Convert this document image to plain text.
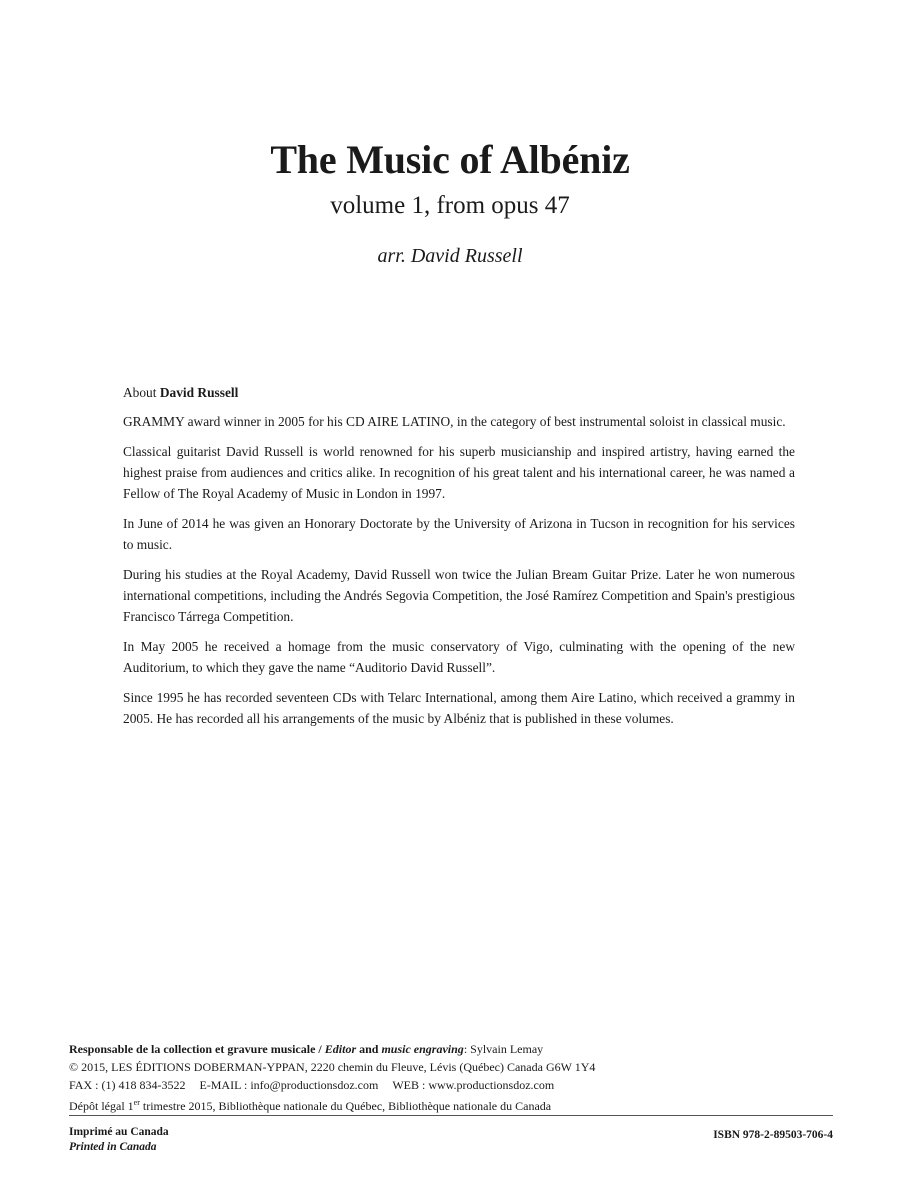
The Music of Albéniz
volume 1, from opus 47
arr. David Russell

About David Russell

GRAMMY award winner in 2005 for his CD AIRE LATINO, in the category of best instrumental soloist in classical music.

Classical guitarist David Russell is world renowned for his superb musicianship and inspired artistry, having earned the highest praise from audiences and critics alike. In recognition of his great talent and his international career, he was named a Fellow of The Royal Academy of Music in London in 1997.

In June of 2014 he was given an Honorary Doctorate by the University of Arizona in Tucson in recognition for his services to music.

During his studies at the Royal Academy, David Russell won twice the Julian Bream Guitar Prize. Later he won numerous international competitions, including the Andrés Segovia Competition, the José Ramírez Competition and Spain's prestigious Francisco Tárrega Competition.

In May 2005 he received a homage from the music conservatory of Vigo, culminating with the opening of the new Auditorium, to which they gave the name “Auditorio David Russell”.

Since 1995 he has recorded seventeen CDs with Telarc International, among them Aire Latino, which received a grammy in 2005. He has recorded all his arrangements of the music by Albéniz that is published in these volumes.

Responsable de la collection et gravure musicale / Editor and music engraving: Sylvain Lemay
© 2015, LES ÉDITIONS DOBERMAN-YPPAN, 2220 chemin du Fleuve, Lévis (Québec) Canada G6W 1Y4
FAX : (1) 418 834-3522 E-MAIL : info@productionsdoz.com WEB : www.productionsdoz.com
Dépôt légal 1er trimestre 2015, Bibliothèque nationale du Québec, Bibliothèque nationale du Canada
Imprimé au Canada
Printed in Canada
ISBN 978-2-89503-706-4
